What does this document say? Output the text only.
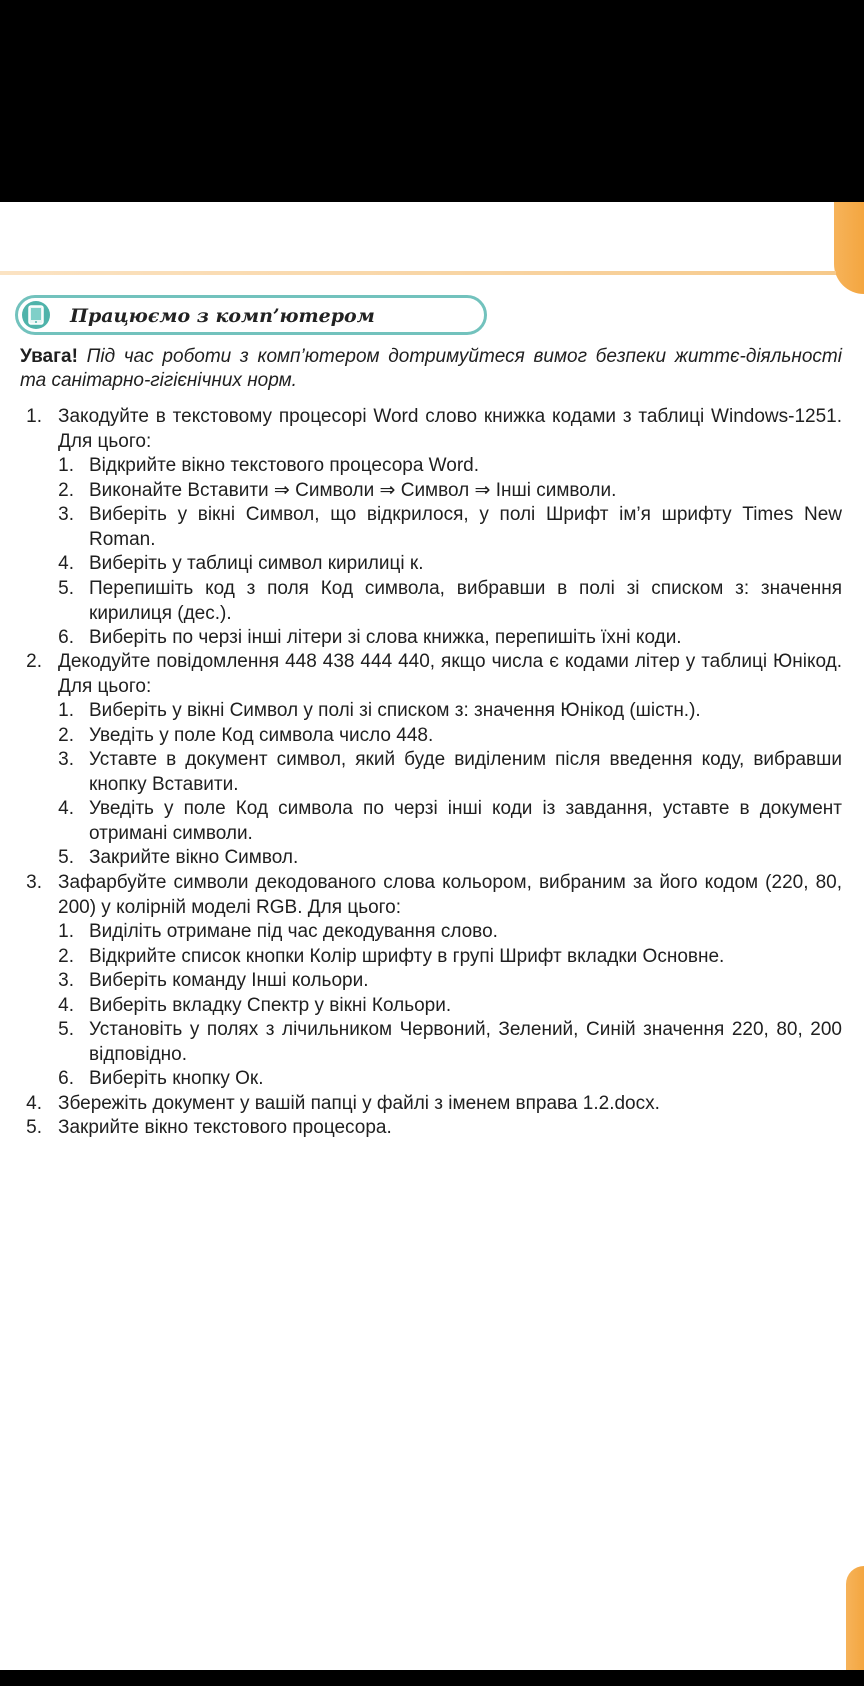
Працюємо з комп’ютером
Увага! Під час роботи з комп’ютером дотримуйтеся вимог безпеки життє-діяльності та санітарно-гігієнічних норм.
1. Закодуйте в текстовому процесорі Word слово книжка кодами з таблиці Windows-1251. Для цього:
1. Відкрийте вікно текстового процесора Word.
2. Виконайте Вставити ⇒ Символи ⇒ Символ ⇒ Інші символи.
3. Виберіть у вікні Символ, що відкрилося, у полі Шрифт ім’я шрифту Times New Roman.
4. Виберіть у таблиці символ кирилиці к.
5. Перепишіть код з поля Код символа, вибравши в полі зі списком з: значення кирилиця (дес.).
6. Виберіть по черзі інші літери зі слова книжка, перепишіть їхні коди.
2. Декодуйте повідомлення 448 438 444 440, якщо числа є кодами літер у таблиці Юнікод. Для цього:
1. Виберіть у вікні Символ у полі зі списком з: значення Юнікод (шістн.).
2. Уведіть у поле Код символа число 448.
3. Уставте в документ символ, який буде виділеним після введення коду, вибравши кнопку Вставити.
4. Уведіть у поле Код символа по черзі інші коди із завдання, уставте в документ отримані символи.
5. Закрийте вікно Символ.
3. Зафарбуйте символи декодованого слова кольором, вибраним за його кодом (220, 80, 200) у колірній моделі RGB. Для цього:
1. Виділіть отримане під час декодування слово.
2. Відкрийте список кнопки Колір шрифту в групі Шрифт вкладки Основне.
3. Виберіть команду Інші кольори.
4. Виберіть вкладку Спектр у вікні Кольори.
5. Установіть у полях з лічильником Червоний, Зелений, Синій значення 220, 80, 200 відповідно.
6. Виберіть кнопку Ок.
4. Збережіть документ у вашій папці у файлі з іменем вправа 1.2.docx.
5. Закрийте вікно текстового процесора.
